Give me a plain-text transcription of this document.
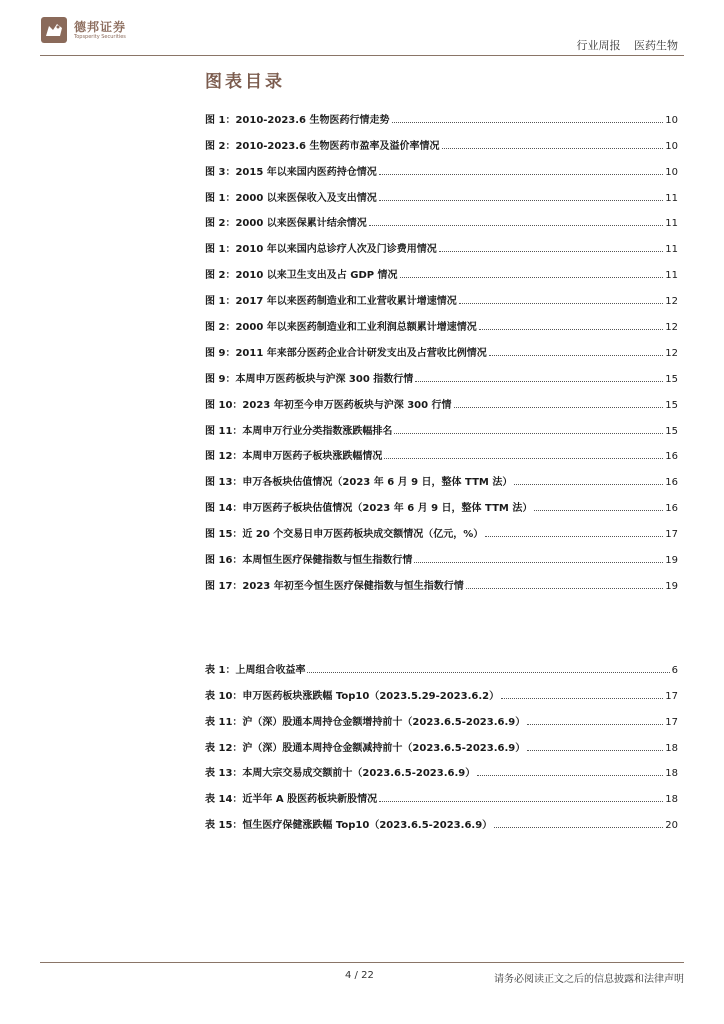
德邦证券
Topsperity Securities
行业周报 医药生物
图表目录
图 1：2010-2023.6 生物医药行情走势	10
图 2：2010-2023.6 生物医药市盈率及溢价率情况	10
图 3：2015 年以来国内医药持仓情况	10
图 1：2000 以来医保收入及支出情况	11
图 2：2000 以来医保累计结余情况	11
图 1：2010 年以来国内总诊疗人次及门诊费用情况	11
图 2：2010 以来卫生支出及占 GDP 情况	11
图 1：2017 年以来医药制造业和工业营收累计增速情况	12
图 2：2000 年以来医药制造业和工业利润总额累计增速情况	12
图 9：2011 年来部分医药企业合计研发支出及占营收比例情况	12
图 9：本周申万医药板块与沪深 300 指数行情	15
图 10：2023 年初至今申万医药板块与沪深 300 行情	15
图 11：本周申万行业分类指数涨跌幅排名	15
图 12：本周申万医药子板块涨跌幅情况	16
图 13：申万各板块估值情况（2023 年 6 月 9 日，整体 TTM 法）	16
图 14：申万医药子板块估值情况（2023 年 6 月 9 日，整体 TTM 法）	16
图 15：近 20 个交易日申万医药板块成交额情况（亿元，%）	17
图 16：本周恒生医疗保健指数与恒生指数行情	19
图 17：2023 年初至今恒生医疗保健指数与恒生指数行情	19
表 1：上周组合收益率	6
表 10：申万医药板块涨跌幅 Top10（2023.5.29-2023.6.2）	17
表 11：沪（深）股通本周持仓金额增持前十（2023.6.5-2023.6.9）	17
表 12：沪（深）股通本周持仓金额减持前十（2023.6.5-2023.6.9）	18
表 13：本周大宗交易成交额前十（2023.6.5-2023.6.9）	18
表 14：近半年 A 股医药板块新股情况	18
表 15：恒生医疗保健涨跌幅 Top10（2023.6.5-2023.6.9）	20
4 / 22	请务必阅读正文之后的信息披露和法律声明
